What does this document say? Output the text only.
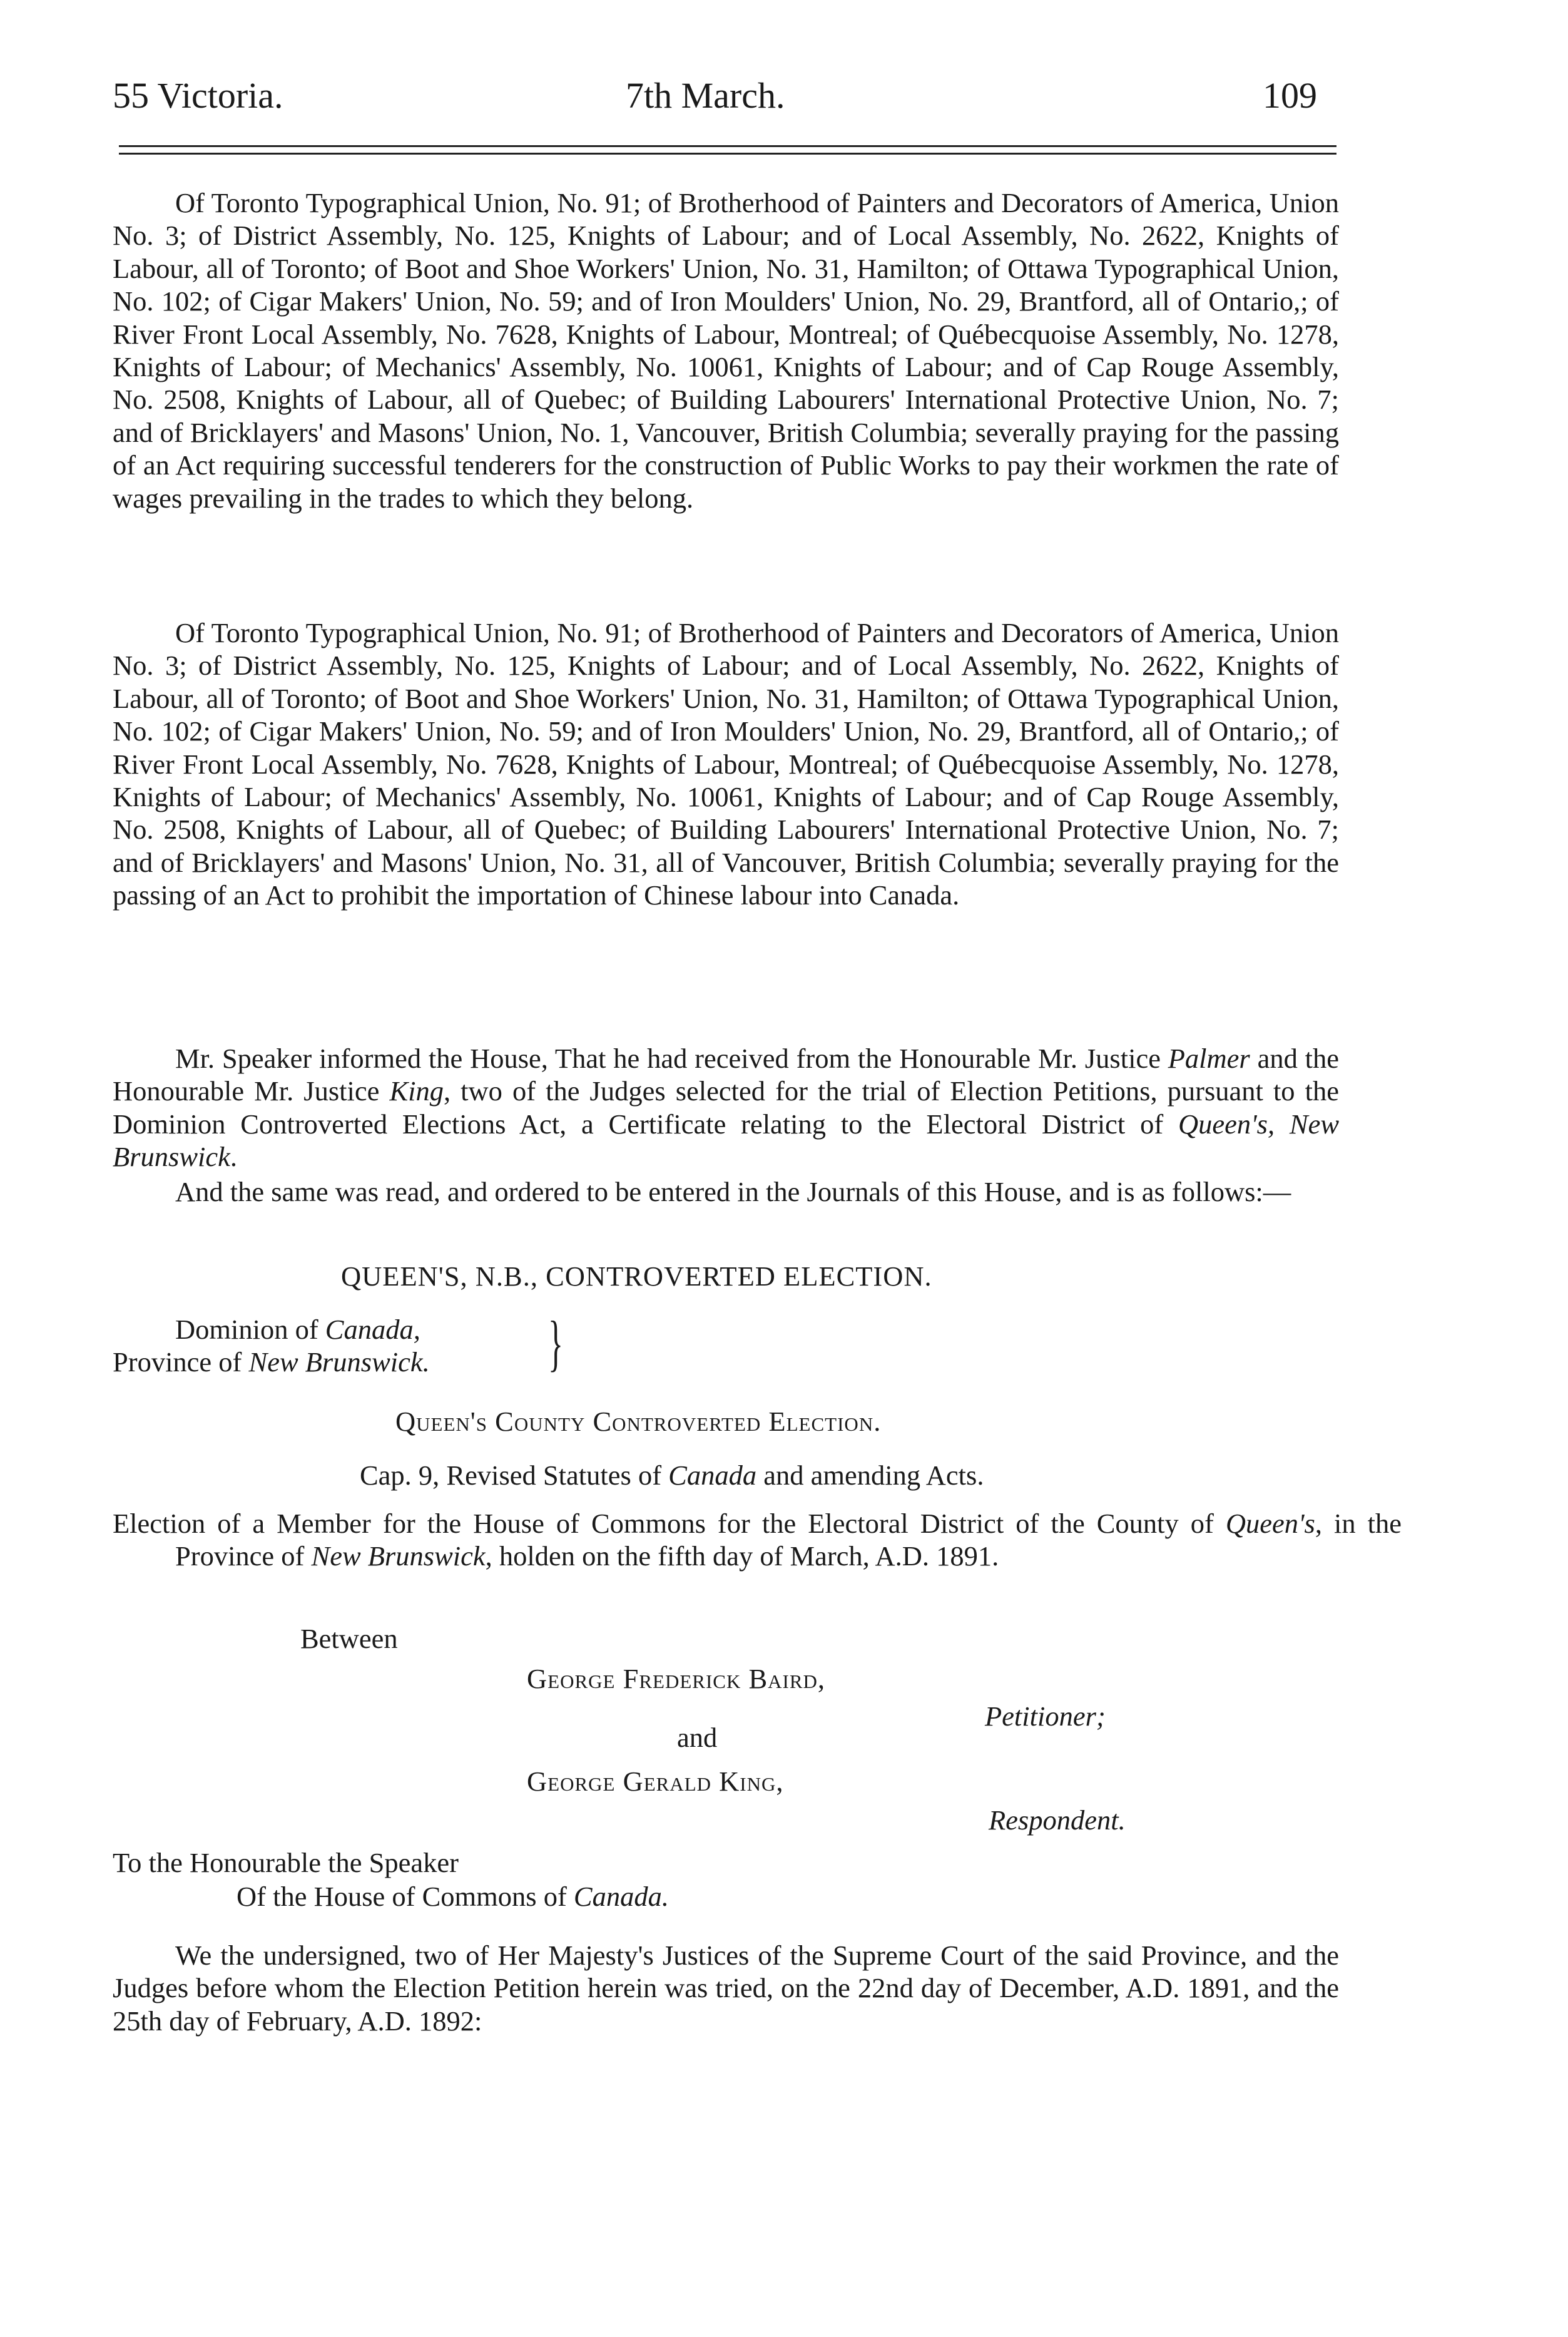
55 Victoria.	7th March.	109

Of Toronto Typographical Union, No. 91; of Brotherhood of Painters and Decorators of America, Union No. 3; of District Assembly, No. 125, Knights of Labour; and of Local Assembly, No. 2622, Knights of Labour, all of Toronto; of Boot and Shoe Workers' Union, No. 31, Hamilton; of Ottawa Typographical Union, No. 102; of Cigar Makers' Union, No. 59; and of Iron Moulders' Union, No. 29, Brantford, all of Ontario,; of River Front Local Assembly, No. 7628, Knights of Labour, Montreal; of Québecquoise Assembly, No. 1278, Knights of Labour; of Mechanics' Assembly, No. 10061, Knights of Labour; and of Cap Rouge Assembly, No. 2508, Knights of Labour, all of Quebec; of Building Labourers' International Protective Union, No. 7; and of Bricklayers' and Masons' Union, No. 1, Vancouver, British Columbia; severally praying for the passing of an Act requiring successful tenderers for the construction of Public Works to pay their workmen the rate of wages prevailing in the trades to which they belong.

Of Toronto Typographical Union, No. 91; of Brotherhood of Painters and Decorators of America, Union No. 3; of District Assembly, No. 125, Knights of Labour; and of Local Assembly, No. 2622, Knights of Labour, all of Toronto; of Boot and Shoe Workers' Union, No. 31, Hamilton; of Ottawa Typographical Union, No. 102; of Cigar Makers' Union, No. 59; and of Iron Moulders' Union, No. 29, Brantford, all of Ontario,; of River Front Local Assembly, No. 7628, Knights of Labour, Montreal; of Québecquoise Assembly, No. 1278, Knights of Labour; of Mechanics' Assembly, No. 10061, Knights of Labour; and of Cap Rouge Assembly, No. 2508, Knights of Labour, all of Quebec; of Building Labourers' International Protective Union, No. 7; and of Bricklayers' and Masons' Union, No. 31, all of Vancouver, British Columbia; severally praying for the passing of an Act to prohibit the importation of Chinese labour into Canada.

Mr. Speaker informed the House, That he had received from the Honourable Mr. Justice Palmer and the Honourable Mr. Justice King, two of the Judges selected for the trial of Election Petitions, pursuant to the Dominion Controverted Elections Act, a Certificate relating to the Electoral District of Queen's, New Brunswick.

And the same was read, and ordered to be entered in the Journals of this House, and is as follows:—

QUEEN'S, N.B., CONTROVERTED ELECTION.
Dominion of Canada,
Province of New Brunswick. }
Queen's County Controverted Election.
Cap. 9, Revised Statutes of Canada and amending Acts.

Election of a Member for the House of Commons for the Electoral District of the County of Queen's, in the Province of New Brunswick, holden on the fifth day of March, A.D. 1891.

Between
George Frederick Baird,
Petitioner;
and
George Gerald King,
Respondent.
To the Honourable the Speaker
Of the House of Commons of Canada.

We the undersigned, two of Her Majesty's Justices of the Supreme Court of the said Province, and the Judges before whom the Election Petition herein was tried, on the 22nd day of December, A.D. 1891, and the 25th day of February, A.D. 1892:
